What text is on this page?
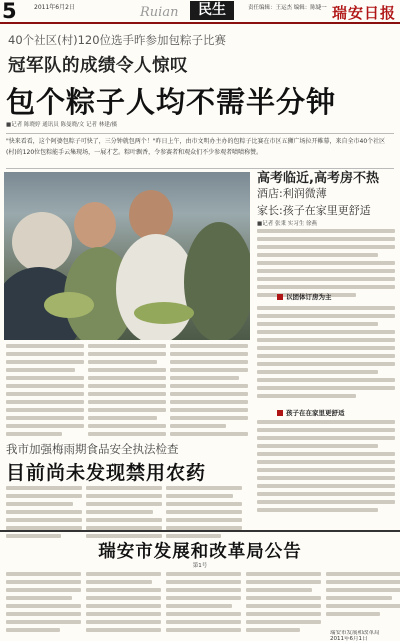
5	2011年6月2日	Ruian	民生	责任编辑：王运杰 编辑：陈婕一 瑞安日报
40个社区(村)120位选手昨参加包粽子比赛
冠军队的成绩令人惊叹
包个粽子人均不需半分钟
■记者 陈晓婷 通讯员 陈曼晓/文 记者 林建/摄
"快来看看，这个阿婆包粽子可快了，三分钟就包两个！"昨日上午，由市文明办主办的包粽子比赛在市区五狮广场拉开帷幕，来自全市40个社区(村)的120位包粽能手云集现场，一展才艺。粽叶飘香，令参赛者和观众们不少参观者啧啧称赞。
高考临近,高考房不热
酒店:利润微薄
家长:孩子在家里更舒适
■记者 张秉 实习生 徐燕
以团体订房为主
孩子在在家里更舒适
我市加强梅雨期食品安全执法检查
目前尚未发现禁用农药
瑞安市发展和改革局公告
第1号
瑞安市发展和改革局
2011年6月1日
